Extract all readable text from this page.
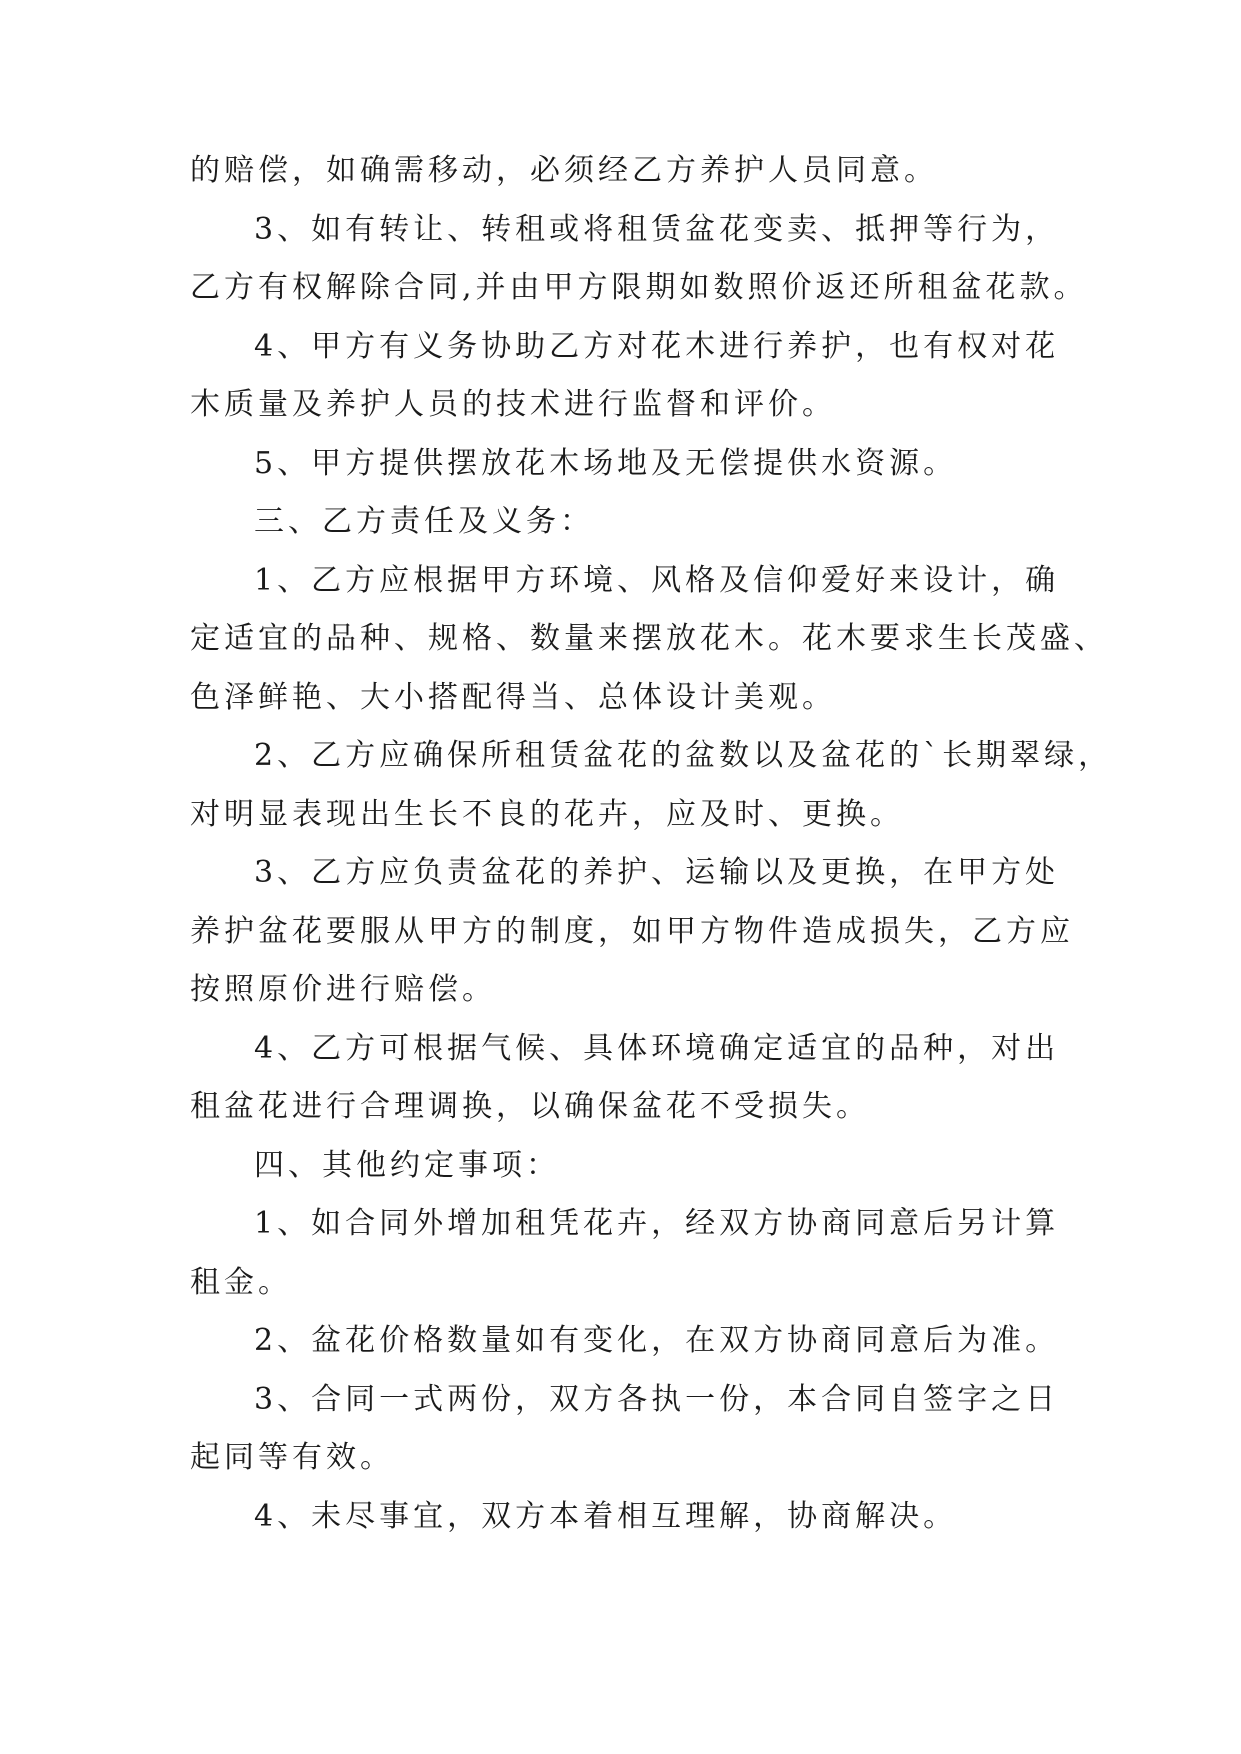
的赔偿，如确需移动，必须经乙方养护人员同意。
3、如有转让、转租或将租赁盆花变卖、抵押等行为，
乙方有权解除合同,并由甲方限期如数照价返还所租盆花款。
4、甲方有义务协助乙方对花木进行养护，也有权对花
木质量及养护人员的技术进行监督和评价。
5、甲方提供摆放花木场地及无偿提供水资源。
三、乙方责任及义务：
1、乙方应根据甲方环境、风格及信仰爱好来设计，确
定适宜的品种、规格、数量来摆放花木。花木要求生长茂盛、
色泽鲜艳、大小搭配得当、总体设计美观。
2、乙方应确保所租赁盆花的盆数以及盆花的`长期翠绿，
对明显表现出生长不良的花卉，应及时、更换。
3、乙方应负责盆花的养护、运输以及更换，在甲方处
养护盆花要服从甲方的制度，如甲方物件造成损失，乙方应
按照原价进行赔偿。
4、乙方可根据气候、具体环境确定适宜的品种，对出
租盆花进行合理调换，以确保盆花不受损失。
四、其他约定事项：
1、如合同外增加租凭花卉，经双方协商同意后另计算
租金。
2、盆花价格数量如有变化，在双方协商同意后为准。
3、合同一式两份，双方各执一份，本合同自签字之日
起同等有效。
4、未尽事宜，双方本着相互理解，协商解决。
